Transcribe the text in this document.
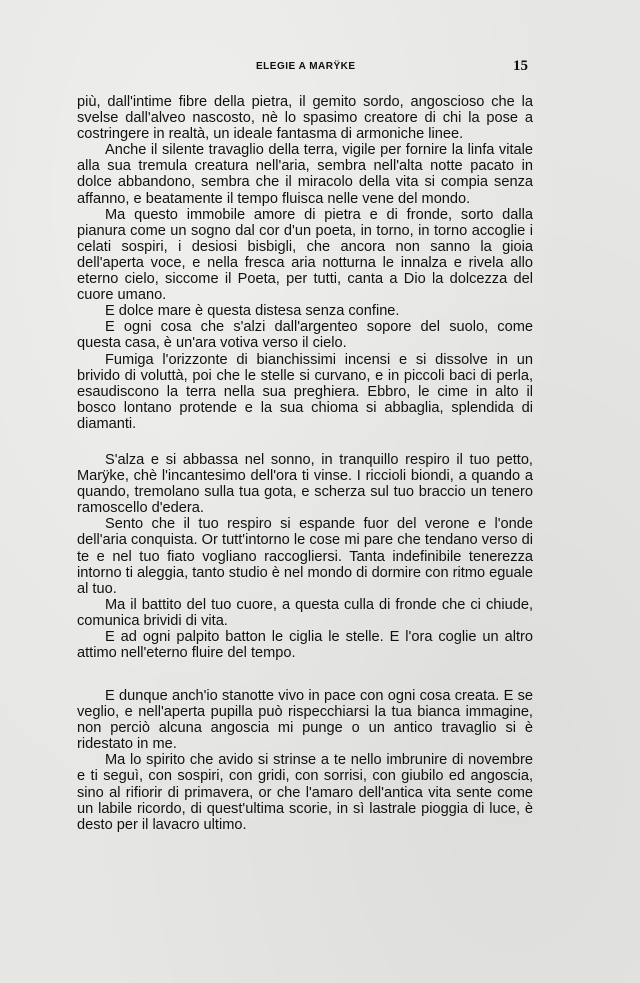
ELEGIE A MARŸKE	15

più, dall'intime fibre della pietra, il gemito sordo, angoscioso che la svelse dall'alveo nascosto, nè lo spasimo creatore di chi la pose a costringere in realtà, un ideale fantasma di armoniche linee.

Anche il silente travaglio della terra, vigile per fornire la linfa vitale alla sua tremula creatura nell'aria, sembra nell'alta notte pacato in dolce abbandono, sembra che il miracolo della vita si compia senza affanno, e beatamente il tempo fluisca nelle vene del mondo.

Ma questo immobile amore di pietra e di fronde, sorto dalla pianura come un sogno dal cor d'un poeta, in torno, in torno accoglie i celati sospiri, i desiosi bisbigli, che ancora non sanno la gioia dell'aperta voce, e nella fresca aria notturna le innalza e rivela allo eterno cielo, siccome il Poeta, per tutti, canta a Dio la dolcezza del cuore umano.

E dolce mare è questa distesa senza confine.

E ogni cosa che s'alzi dall'argenteo sopore del suolo, come questa casa, è un'ara votiva verso il cielo.

Fumiga l'orizzonte di bianchissimi incensi e si dissolve in un brivido di voluttà, poi che le stelle si curvano, e in piccoli baci di perla, esaudiscono la terra nella sua preghiera. Ebbro, le cime in alto il bosco lontano protende e la sua chioma si abbaglia, splendida di diamanti.

S'alza e si abbassa nel sonno, in tranquillo respiro il tuo petto, Marÿke, chè l'incantesimo dell'ora ti vinse. I riccioli biondi, a quando a quando, tremolano sulla tua gota, e scherza sul tuo braccio un tenero ramoscello d'edera.

Sento che il tuo respiro si espande fuor del verone e l'onde dell'aria conquista. Or tutt'intorno le cose mi pare che tendano verso di te e nel tuo fiato vogliano raccogliersi. Tanta indefinibile tenerezza intorno ti aleggia, tanto studio è nel mondo di dormire con ritmo eguale al tuo.

Ma il battito del tuo cuore, a questa culla di fronde che ci chiude, comunica brividi di vita.

E ad ogni palpito batton le ciglia le stelle. E l'ora coglie un altro attimo nell'eterno fluire del tempo.

E dunque anch'io stanotte vivo in pace con ogni cosa creata. E se veglio, e nell'aperta pupilla può rispecchiarsi la tua bianca immagine, non perciò alcuna angoscia mi punge o un antico travaglio si è ridestato in me.

Ma lo spirito che avido si strinse a te nello imbrunire di novembre e ti seguì, con sospiri, con gridi, con sorrisi, con giubilo ed angoscia, sino al rifiorir di primavera, or che l'amaro dell'antica vita sente come un labile ricordo, di quest'ultima scorie, in sì lastrale pioggia di luce, è desto per il lavacro ultimo.
